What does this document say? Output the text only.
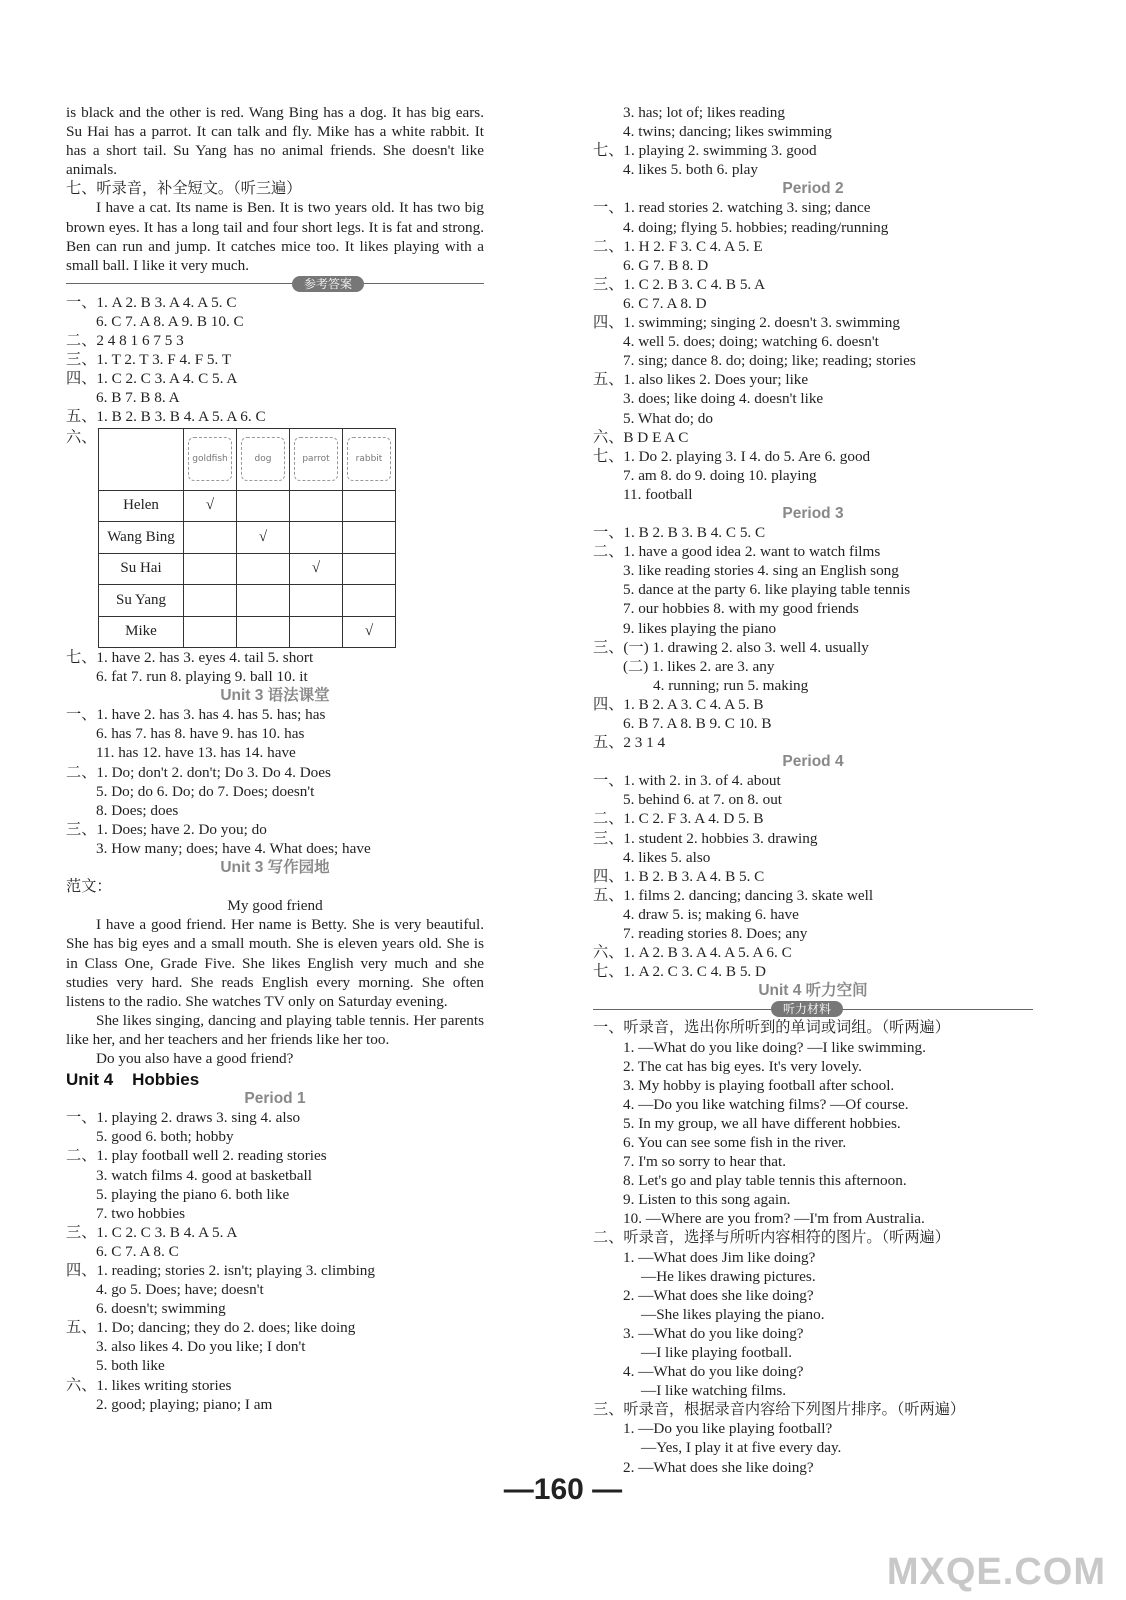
is black and the other is red. Wang Bing has a dog. It has big ears. Su Hai has a parrot. It can talk and fly. Mike has a white rabbit. It has a short tail. Su Yang has no animal friends. She doesn't like animals.
七、听录音，补全短文。（听三遍）
I have a cat. Its name is Ben. It is two years old. It has two big brown eyes. It has a long tail and four short legs. It is fat and strong. Ben can run and jump. It catches mice too. It likes playing with a small ball. I like it very much.
参考答案
一、1. A 2. B 3. A 4. A 5. C
6. C 7. A 8. A 9. B 10. C
二、2 4 8 1 6 7 5 3
三、1. T 2. T 3. F 4. F 5. T
四、1. C 2. C 3. A 4. C 5. A
6. B 7. B 8. A
五、1. B 2. B 3. B 4. A 5. A 6. C
六、
	goldfish	dog	parrot	rabbit
Helen	√			
Wang Bing		√		
Su Hai			√	
Su Yang				
Mike				√
七、1. have 2. has 3. eyes 4. tail 5. short
6. fat 7. run 8. playing 9. ball 10. it
Unit 3 语法课堂
一、1. have 2. has 3. has 4. has 5. has; has
6. has 7. has 8. have 9. has 10. has
11. has 12. have 13. has 14. have
二、1. Do; don't 2. don't; Do 3. Do 4. Does
5. Do; do 6. Do; do 7. Does; doesn't
8. Does; does
三、1. Does; have 2. Do you; do
3. How many; does; have 4. What does; have
Unit 3 写作园地
范文：
My good friend
I have a good friend. Her name is Betty. She is very beautiful. She has big eyes and a small mouth. She is eleven years old. She is in Class One, Grade Five. She likes English very much and she studies very hard. She reads English every morning. She often listens to the radio. She watches TV only on Saturday evening.
She likes singing, dancing and playing table tennis. Her parents like her, and her teachers and her friends like her too.
Do you also have a good friend?
Unit 4    Hobbies
Period 1
一、1. playing 2. draws 3. sing 4. also
5. good 6. both; hobby
二、1. play football well 2. reading stories
3. watch films 4. good at basketball
5. playing the piano 6. both like
7. two hobbies
三、1. C 2. C 3. B 4. A 5. A
6. C 7. A 8. C
四、1. reading; stories 2. isn't; playing 3. climbing
4. go 5. Does; have; doesn't
6. doesn't; swimming
五、1. Do; dancing; they do 2. does; like doing
3. also likes 4. Do you like; I don't
5. both like
六、1. likes writing stories
2. good; playing; piano; I am
3. has; lot of; likes reading
4. twins; dancing; likes swimming
七、1. playing 2. swimming 3. good
4. likes 5. both 6. play
Period 2
一、1. read stories 2. watching 3. sing; dance
4. doing; flying 5. hobbies; reading/running
二、1. H 2. F 3. C 4. A 5. E
6. G 7. B 8. D
三、1. C 2. B 3. C 4. B 5. A
6. C 7. A 8. D
四、1. swimming; singing 2. doesn't 3. swimming
4. well 5. does; doing; watching 6. doesn't
7. sing; dance 8. do; doing; like; reading; stories
五、1. also likes 2. Does your; like
3. does; like doing 4. doesn't like
5. What do; do
六、B D E A C
七、1. Do 2. playing 3. I 4. do 5. Are 6. good
7. am 8. do 9. doing 10. playing
11. football
Period 3
一、1. B 2. B 3. B 4. C 5. C
二、1. have a good idea 2. want to watch films
3. like reading stories 4. sing an English song
5. dance at the party 6. like playing table tennis
7. our hobbies 8. with my good friends
9. likes playing the piano
三、(一) 1. drawing 2. also 3. well 4. usually
(二) 1. likes 2. are 3. any
4. running; run 5. making
四、1. B 2. A 3. C 4. A 5. B
6. B 7. A 8. B 9. C 10. B
五、2 3 1 4
Period 4
一、1. with 2. in 3. of 4. about
5. behind 6. at 7. on 8. out
二、1. C 2. F 3. A 4. D 5. B
三、1. student 2. hobbies 3. drawing
4. likes 5. also
四、1. B 2. B 3. A 4. B 5. C
五、1. films 2. dancing; dancing 3. skate well
4. draw 5. is; making 6. have
7. reading stories 8. Does; any
六、1. A 2. B 3. A 4. A 5. A 6. C
七、1. A 2. C 3. C 4. B 5. D
Unit 4 听力空间
听力材料
一、听录音，选出你所听到的单词或词组。（听两遍）
1. —What do you like doing? —I like swimming.
2. The cat has big eyes. It's very lovely.
3. My hobby is playing football after school.
4. —Do you like watching films? —Of course.
5. In my group, we all have different hobbies.
6. You can see some fish in the river.
7. I'm so sorry to hear that.
8. Let's go and play table tennis this afternoon.
9. Listen to this song again.
10. —Where are you from? —I'm from Australia.
二、听录音，选择与所听内容相符的图片。（听两遍）
1. —What does Jim like doing?
—He likes drawing pictures.
2. —What does she like doing?
—She likes playing the piano.
3. —What do you like doing?
—I like playing football.
4. —What do you like doing?
—I like watching films.
三、听录音，根据录音内容给下列图片排序。（听两遍）
1. —Do you like playing football?
—Yes, I play it at five every day.
2. —What does she like doing?
—160 —
MXQE.COM
